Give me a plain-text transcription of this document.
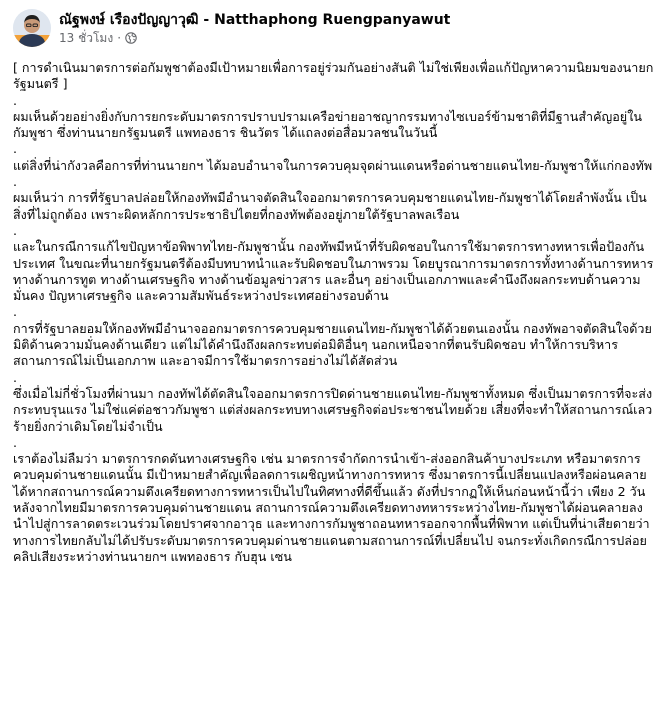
ณัฐพงษ์ เรืองปัญญาวุฒิ - Natthaphong Ruengpanyawut
13 ชั่วโมง ·

[ การดำเนินมาตรการต่อกัมพูชาต้องมีเป้าหมายเพื่อการอยู่ร่วมกันอย่างสันติ ไม่ใช่เพียงเพื่อแก้ปัญหาความนิยมของนายกรัฐมนตรี ]

.

ผมเห็นด้วยอย่างยิ่งกับการยกระดับมาตรการปราบปรามเครือข่ายอาชญากรรมทางไซเบอร์ข้ามชาติที่มีฐานสำคัญอยู่ในกัมพูชา ซึ่งท่านนายกรัฐมนตรี แพทองธาร ชินวัตร ได้แถลงต่อสื่อมวลชนในวันนี้

.

แต่สิ่งที่น่ากังวลคือการที่ท่านนายกฯ ได้มอบอำนาจในการควบคุมจุดผ่านแดนหรือด่านชายแดนไทย-กัมพูชาให้แก่กองทัพ

.

ผมเห็นว่า การที่รัฐบาลปล่อยให้กองทัพมีอำนาจตัดสินใจออกมาตรการควบคุมชายแดนไทย-กัมพูชาได้โดยลำพังนั้น เป็นสิ่งที่ไม่ถูกต้อง เพราะผิดหลักการประชาธิปไตยที่กองทัพต้องอยู่ภายใต้รัฐบาลพลเรือน

.

และในกรณีการแก้ไขปัญหาข้อพิพาทไทย-กัมพูชานั้น กองทัพมีหน้าที่รับผิดชอบในการใช้มาตรการทางทหารเพื่อป้องกันประเทศ ในขณะที่นายกรัฐมนตรีต้องมีบทบาทนำและรับผิดชอบในภาพรวม โดยบูรณาการมาตรการทั้งทางด้านการทหาร ทางด้านการทูต ทางด้านเศรษฐกิจ ทางด้านข้อมูลข่าวสาร และอื่นๆ อย่างเป็นเอกภาพและคำนึงถึงผลกระทบด้านความมั่นคง ปัญหาเศรษฐกิจ และความสัมพันธ์ระหว่างประเทศอย่างรอบด้าน

.

การที่รัฐบาลยอมให้กองทัพมีอำนาจออกมาตรการควบคุมชายแดนไทย-กัมพูชาได้ด้วยตนเองนั้น กองทัพอาจตัดสินใจด้วยมิติด้านความมั่นคงด้านเดียว แต่ไม่ได้คำนึงถึงผลกระทบต่อมิติอื่นๆ นอกเหนือจากที่ตนรับผิดชอบ ทำให้การบริหารสถานการณ์ไม่เป็นเอกภาพ และอาจมีการใช้มาตรการอย่างไม่ได้สัดส่วน

.

ซึ่งเมื่อไม่กี่ชั่วโมงที่ผ่านมา กองทัพได้ตัดสินใจออกมาตรการปิดด่านชายแดนไทย-กัมพูชาทั้งหมด ซึ่งเป็นมาตรการที่จะส่งกระทบรุนแรง ไม่ใช่แค่ต่อชาวกัมพูชา แต่ส่งผลกระทบทางเศรษฐกิจต่อประชาชนไทยด้วย เสี่ยงที่จะทำให้สถานการณ์เลวร้ายยิ่งกว่าเดิมโดยไม่จำเป็น

.

เราต้องไม่ลืมว่า มาตรการกดดันทางเศรษฐกิจ เช่น มาตรการจำกัดการนำเข้า-ส่งออกสินค้าบางประเภท หรือมาตรการควบคุมด่านชายแดนนั้น มีเป้าหมายสำคัญเพื่อลดการเผชิญหน้าทางการทหาร ซึ่งมาตรการนี้เปลี่ยนแปลงหรือผ่อนคลายได้หากสถานการณ์ความตึงเครียดทางการทหารเป็นไปในทิศทางที่ดีขึ้นแล้ว ดังที่ปรากฏให้เห็นก่อนหน้านี้ว่า เพียง 2 วันหลังจากไทยมีมาตรการควบคุมด่านชายแดน สถานการณ์ความตึงเครียดทางทหารระหว่างไทย-กัมพูชาได้ผ่อนคลายลง นำไปสู่การลาดตระเวนร่วมโดยปราศจากอาวุธ และทางการกัมพูชาถอนทหารออกจากพื้นที่พิพาท แต่เป็นที่น่าเสียดายว่า ทางการไทยกลับไม่ได้ปรับระดับมาตรการควบคุมด่านชายแดนตามสถานการณ์ที่เปลี่ยนไป จนกระทั่งเกิดกรณีการปล่อยคลิปเสียงระหว่างท่านนายกฯ แพทองธาร กับฮุน เซน
